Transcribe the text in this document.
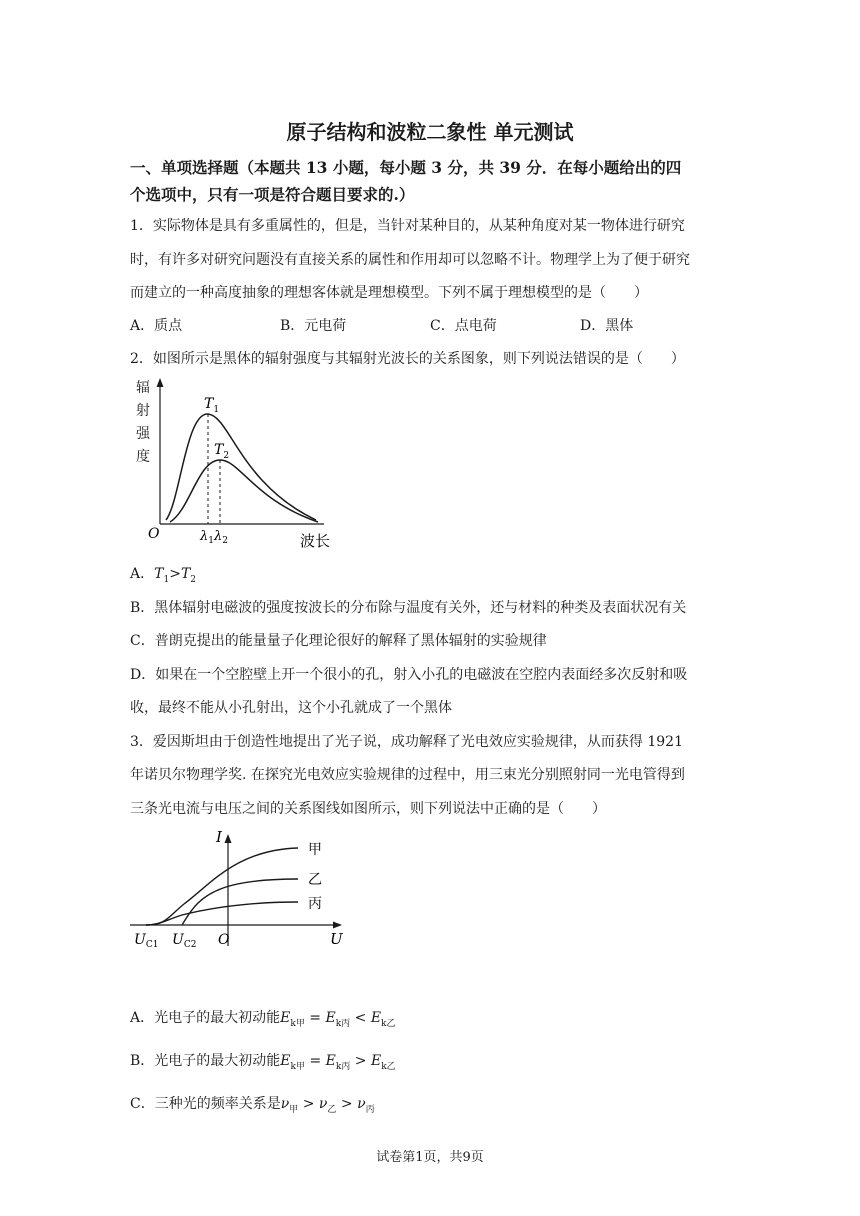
原子结构和波粒二象性 单元测试
一、单项选择题（本题共 13 小题，每小题 3 分，共 39 分．在每小题给出的四
个选项中，只有一项是符合题目要求的.）
1．实际物体是具有多重属性的，但是，当针对某种目的，从某种角度对某一物体进行研究
时，有许多对研究问题没有直接关系的属性和作用却可以忽略不计。物理学上为了便于研究
而建立的一种高度抽象的理想客体就是理想模型。下列不属于理想模型的是（　　）
A．质点	B．元电荷	C．点电荷	D．黑体
2．如图所示是黑体的辐射强度与其辐射光波长的关系图象，则下列说法错误的是（　　）
辐
射
强
度
$T_1$
$T_2$
O	$\lambda_1$ $\lambda_2$	波长
A．$T_1>T_2$
B．黑体辐射电磁波的强度按波长的分布除与温度有关外，还与材料的种类及表面状况有关
C．普朗克提出的能量量子化理论很好的解释了黑体辐射的实验规律
D．如果在一个空腔壁上开一个很小的孔，射入小孔的电磁波在空腔内表面经多次反射和吸
收，最终不能从小孔射出，这个小孔就成了一个黑体
3．爱因斯坦由于创造性地提出了光子说，成功解释了光电效应实验规律，从而获得 1921
年诺贝尔物理学奖. 在探究光电效应实验规律的过程中，用三束光分别照射同一光电管得到
三条光电流与电压之间的关系图线如图所示，则下列说法中正确的是（　　）
I
甲
乙
丙
$U_{C1}$ $U_{C2}$ O	U
A．光电子的最大初动能$E_{k甲} = E_{k丙} < E_{k乙}$
B．光电子的最大初动能$E_{k甲} = E_{k丙} > E_{k乙}$
C．三种光的频率关系是$\nu_甲 > \nu_乙 > \nu_丙$
试卷第1页，共9页
